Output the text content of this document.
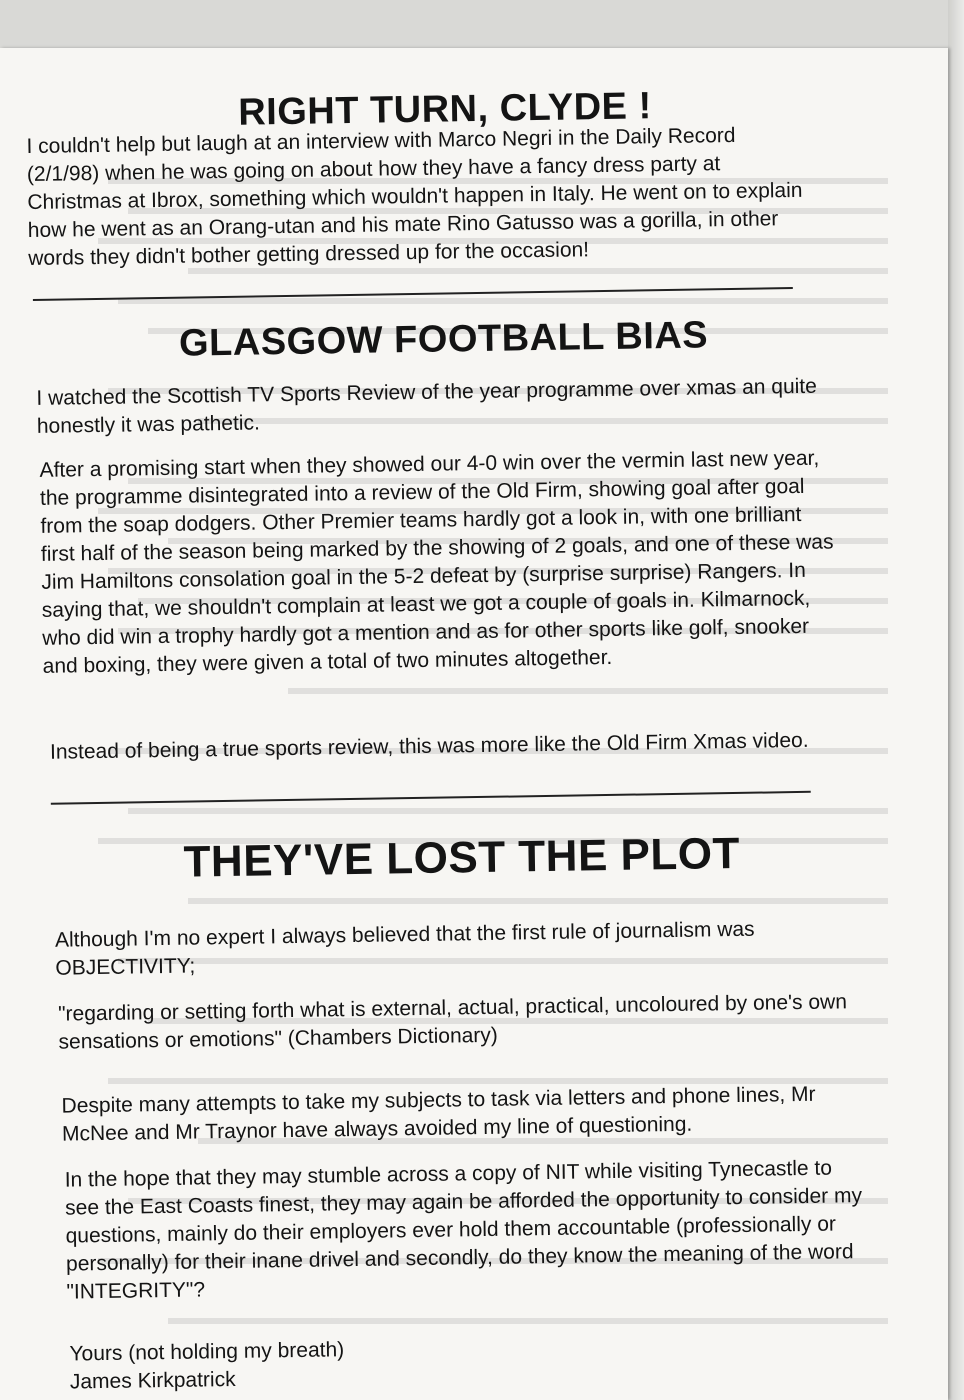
RIGHT TURN, CLYDE !

I couldn't help but laugh at an interview with Marco Negri in the Daily Record (2/1/98) when he was going on about how they have a fancy dress party at Christmas at Ibrox, something which wouldn't happen in Italy. He went on to explain how he went as an Orang-utan and his mate Rino Gatusso was a gorilla, in other words they didn't bother getting dressed up for the occasion!

GLASGOW FOOTBALL BIAS

I watched the Scottish TV Sports Review of the year programme over xmas an quite honestly it was pathetic.

After a promising start when they showed our 4-0 win over the vermin last new year, the programme disintegrated into a review of the Old Firm, showing goal after goal from the soap dodgers. Other Premier teams hardly got a look in, with one brilliant first half of the season being marked by the showing of 2 goals, and one of these was Jim Hamiltons consolation goal in the 5-2 defeat by (surprise surprise) Rangers. In saying that, we shouldn't complain at least we got a couple of goals in. Kilmarnock, who did win a trophy hardly got a mention and as for other sports like golf, snooker and boxing, they were given a total of two minutes altogether.

Instead of being a true sports review, this was more like the Old Firm Xmas video.

THEY'VE LOST THE PLOT

Although I'm no expert I always believed that the first rule of journalism was OBJECTIVITY;

"regarding or setting forth what is external, actual, practical, uncoloured by one's own sensations or emotions" (Chambers Dictionary)

Despite many attempts to take my subjects to task via letters and phone lines, Mr McNee and Mr Traynor have always avoided my line of questioning.

In the hope that they may stumble across a copy of NIT while visiting Tynecastle to see the East Coasts finest, they may again be afforded the opportunity to consider my questions, mainly do their employers ever hold them accountable (professionally or personally) for their inane drivel and secondly, do they know the meaning of the word "INTEGRITY"?

Yours (not holding my breath)

James Kirkpatrick
